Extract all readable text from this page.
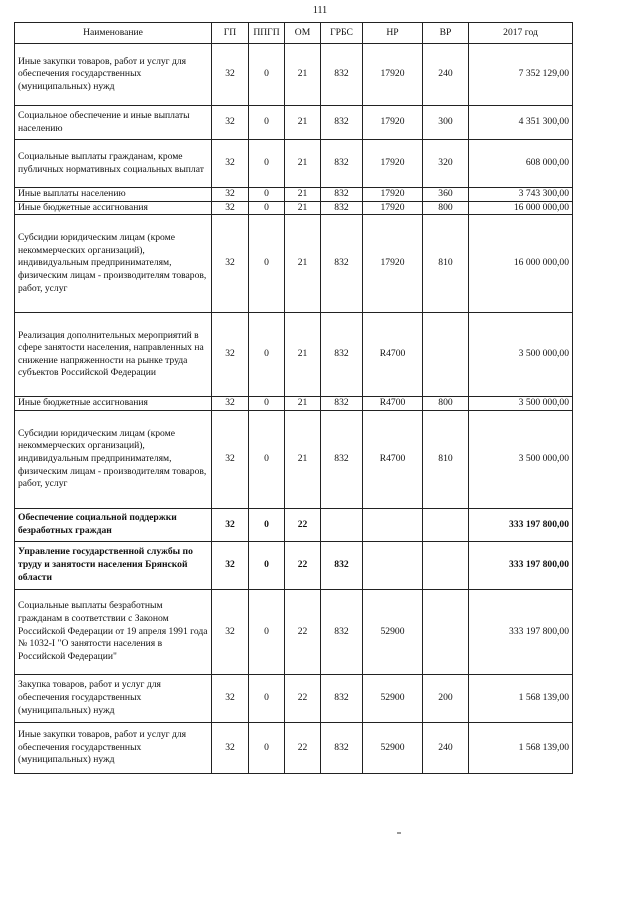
111
Наименование	ГП	ППГП	ОМ	ГРБС	НР	ВР	2017 год
Иные закупки товаров, работ и услуг для обеспечения государственных (муниципальных) нужд	32	0	21	832	17920	240	7 352 129,00
Социальное обеспечение и иные выплаты населению	32	0	21	832	17920	300	4 351 300,00
Социальные выплаты гражданам, кроме публичных нормативных социальных выплат	32	0	21	832	17920	320	608 000,00
Иные выплаты населению	32	0	21	832	17920	360	3 743 300,00
Иные бюджетные ассигнования	32	0	21	832	17920	800	16 000 000,00
Субсидии юридическим лицам (кроме некоммерческих организаций), индивидуальным предпринимателям, физическим лицам - производителям товаров, работ, услуг	32	0	21	832	17920	810	16 000 000,00
Реализация дополнительных мероприятий в сфере занятости населения, направленных на снижение напряженности на рынке труда субъектов Российской Федерации	32	0	21	832	R4700		3 500 000,00
Иные бюджетные ассигнования	32	0	21	832	R4700	800	3 500 000,00
Субсидии юридическим лицам (кроме некоммерческих организаций), индивидуальным предпринимателям, физическим лицам - производителям товаров, работ, услуг	32	0	21	832	R4700	810	3 500 000,00
Обеспечение социальной поддержки безработных граждан	32	0	22				333 197 800,00
Управление государственной службы по труду и занятости населения Брянской области	32	0	22	832			333 197 800,00
Социальные выплаты безработным гражданам в соответствии с Законом Российской Федерации от 19 апреля 1991 года № 1032-I "О занятости населения в Российской Федерации"	32	0	22	832	52900		333 197 800,00
Закупка товаров, работ и услуг для обеспечения государственных (муниципальных) нужд	32	0	22	832	52900	200	1 568 139,00
Иные закупки товаров, работ и услуг для обеспечения государственных (муниципальных) нужд	32	0	22	832	52900	240	1 568 139,00
